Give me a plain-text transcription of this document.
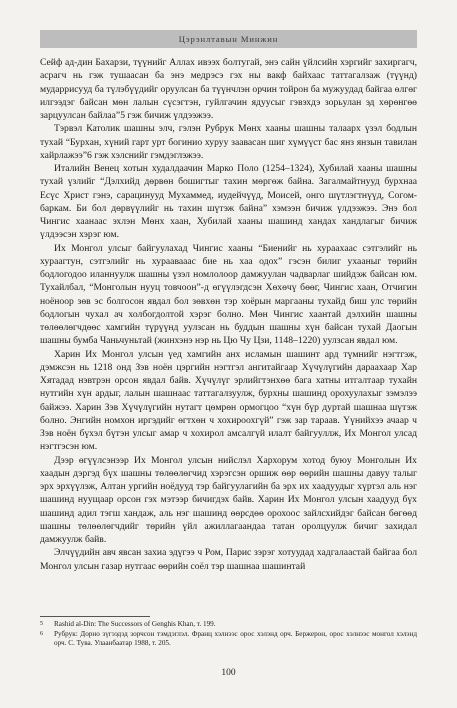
Цэрэнлтавын Минжин

Сейф ад-дин Бахарзи, түүнийг Аллах ивээх болтугай, энэ сайн үйлсийн хэргийг захиргагч, асрагч нь гэж тушаасан ба энэ медрэсэ гэх ны вакф байхаас таттагалзаж (түүнд) мударрисууд ба түлэбүүдийг оруулсан ба түүнчлэн орчин тойрон ба мужуудад байгаа өлгөг илгээдэг байсан мөн лалын сүсэгтэн, гуйлгачин ядуусыг гэвэхдэ зорьулан эд хөрөнгөө зарцуулсан байлаа”5 гэж бичиж үлдээжээ.

Тэрвэл Католик шашны элч, гэлэн Рубрук Мөнх хааны шашны талаарх үзэл бодлын тухай “Бурхан, хүний гарт урт богинио хуруу заавасан шиг хүмүүст бас янз янзын тавилан хайрлажээ”6 гэж хэлснийг гэмдэглэжээ.

Италийн Венец хотын худалдаачин Марко Поло (1254–1324), Хубилай хааны шашны тухай үзлийг “Дэлхийд дөрвөн бошигтыг тахин мөргөж байна. Загалмайтнууд бурхнаа Есүс Христ гэнэ, сарацинууд Мухаммед, иудейчүүд, Моисей, онго шүтлэгтнүүд, Согом-баркам. Би бол дөрвүүлийг нь тахин шүтэж байна” хэмээн бичиж үлдээжээ. Энэ бол Чингис хаанаас эхлэн Мөнх хаан, Хубилай хааны шашинд хандах хандлагыг бичиж үлдээсэн хэрэг юм.

Их Монгол улсыг байгуулахад Чингис хааны “Биенийг нь хураахаас сэтгэлийг нь хураагтун, сэтгэлийг нь хураавааас бие нь хаа одох” гэсэн билиг ухааныг төрийн бодлогодоо иланнуулж шашны үзэл номлолоор дамжуулан чадварлаг шийдэж байсан юм. Тухайлбал, “Монголын нууц товчоон”-д өгүүлэгдсэн Хөхөчү бөөг, Чингис хаан, Отчигин ноёноор зөв эс болгосон явдал бол зөвхөн тэр хоёрын маргааны тухайд биш улс төрийн бодлогын чухал ач холбогдолтой хэрэг болно. Мөн Чингис хаантай дэлхийн шашны төлөөлөгчдөөс хамгийн түрүүнд уулзсан нь буддын шашны хүн байсан тухай Даогын шашны бумба Чаньчуньтай (жинхэнэ нэр нь Цю Чу Цзи, 1148–1220) уулзсан явдал юм.

Харин Их Монгол улсын үед хамгийн анх исламын шашинт ард түмнийг нэгтгэж, дэмжсэн нь 1218 онд Зэв ноён цэргийн нэгтгэл ангитайгаар Хүчүлүгийн дараахаар Хар Хятадад нэвтрэн орсон явдал байв. Хүчүлүг эрлийгтэнхөө бага хатны итгалтаар тухайн нутгийн хүн ардыг, лалын шашнаас таттагалзуулж, бурхны шашинд орохуулахыг зэмэлээ байжээ. Харин Зэв Хүчүлүгийн нутагт цөмрөн ормогцоо “хүн бүр дуртай шашнаа шүтэж болно. Энгийн номхон иргэдийг өгтхөн ч хохироохгүй” гэж зар тараав. Үүнийхээ ачаар ч Зэв ноён бүхэл бүтэн улсыг амар ч хохирол амсалгүй илалт байгууллж, Их Монгол улсад нэгтгэсэн юм.

Дээр өгүүлсэнээр Их Монгол улсын нийслэл Хархорум хотод буюу Монголын Их хаадын дэргэд бүх шашны төлөөлөгчид хэрэгсэн оршиж өөр өөрийн шашны давуу талыг эрх эрхүүлэж, Алтан ургийн ноёдууд тэр байгуулагийн ба эрх их хаадуудыг хүртэл аль нэг шашинд нуущаар орсон гэх мэтээр бичигдэх байв. Харин Их Монгол улсын хаадууд бүх шашинд адил тэгш хандаж, аль нэг шашинд өөрсдөө орохоос зайлсхийдэг байсан бөгөөд шашны төлөөлөгчдийг төрийн үйл ажиллагаандаа татан оролцуулж бичиг захидал дамжуулж байв.

Элчүүдийн авч явсан захиа эдүгээ ч Ром, Парис зэрэг хотуудад хадгалаастай байгаа бол Монгол улсын газар нутгаас өөрийн соёл тэр шашнаа шашинтай

5 Rashid al-Din: The Successors of Genghis Khan, т. 199.
6 Рубрук: Дорно зүгээдэд зорчсон тэмдэглэл. Франц хэлнээс орос хэлэнд орч. Бержерон, орос хэлнээс монгол хэлэнд орч. С. Тува. Улаанбаатар 1988, т. 205.
100
